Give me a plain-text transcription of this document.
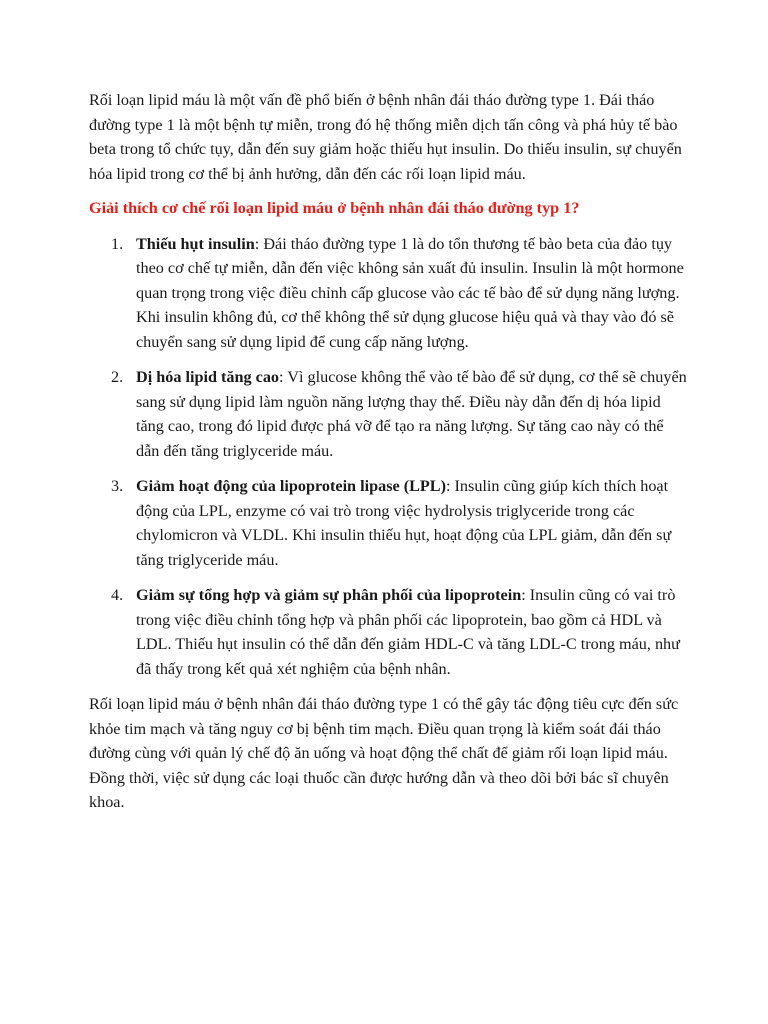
Rối loạn lipid máu là một vấn đề phổ biến ở bệnh nhân đái tháo đường type 1. Đái tháo đường type 1 là một bệnh tự miễn, trong đó hệ thống miễn dịch tấn công và phá hủy tế bào beta trong tổ chức tụy, dẫn đến suy giảm hoặc thiếu hụt insulin. Do thiếu insulin, sự chuyển hóa lipid trong cơ thể bị ảnh hưởng, dẫn đến các rối loạn lipid máu.

Giải thích cơ chế rối loạn lipid máu ở bệnh nhân đái tháo đường typ 1?

1. Thiếu hụt insulin: Đái tháo đường type 1 là do tổn thương tế bào beta của đảo tụy theo cơ chế tự miễn, dẫn đến việc không sản xuất đủ insulin. Insulin là một hormone quan trọng trong việc điều chỉnh cấp glucose vào các tế bào để sử dụng năng lượng. Khi insulin không đủ, cơ thể không thể sử dụng glucose hiệu quả và thay vào đó sẽ chuyển sang sử dụng lipid để cung cấp năng lượng.
2. Dị hóa lipid tăng cao: Vì glucose không thể vào tế bào để sử dụng, cơ thể sẽ chuyển sang sử dụng lipid làm nguồn năng lượng thay thế. Điều này dẫn đến dị hóa lipid tăng cao, trong đó lipid được phá vỡ để tạo ra năng lượng. Sự tăng cao này có thể dẫn đến tăng triglyceride máu.
3. Giảm hoạt động của lipoprotein lipase (LPL): Insulin cũng giúp kích thích hoạt động của LPL, enzyme có vai trò trong việc hydrolysis triglyceride trong các chylomicron và VLDL. Khi insulin thiếu hụt, hoạt động của LPL giảm, dẫn đến sự tăng triglyceride máu.
4. Giảm sự tổng hợp và giảm sự phân phối của lipoprotein: Insulin cũng có vai trò trong việc điều chỉnh tổng hợp và phân phối các lipoprotein, bao gồm cả HDL và LDL. Thiếu hụt insulin có thể dẫn đến giảm HDL-C và tăng LDL-C trong máu, như đã thấy trong kết quả xét nghiệm của bệnh nhân.

Rối loạn lipid máu ở bệnh nhân đái tháo đường type 1 có thể gây tác động tiêu cực đến sức khỏe tim mạch và tăng nguy cơ bị bệnh tim mạch. Điều quan trọng là kiểm soát đái tháo đường cùng với quản lý chế độ ăn uống và hoạt động thể chất để giảm rối loạn lipid máu. Đồng thời, việc sử dụng các loại thuốc cần được hướng dẫn và theo dõi bởi bác sĩ chuyên khoa.
